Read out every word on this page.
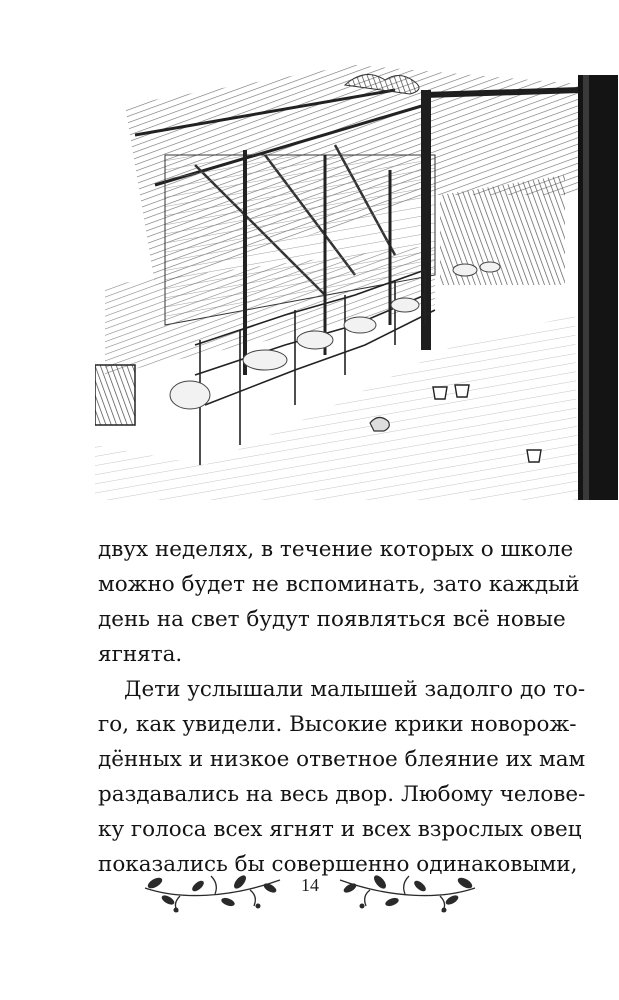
двух неделях, в течение которых о школе
можно будет не вспоминать, зато каждый
день на свет будут появляться всё новые
ягнята.

Дети услышали малышей задолго до то-
го, как увидели. Высокие крики новорож-
дённых и низкое ответное блеяние их мам
раздавались на весь двор. Любому челове-
ку голоса всех ягнят и всех взрослых овец
показались бы совершенно одинаковыми,

14
